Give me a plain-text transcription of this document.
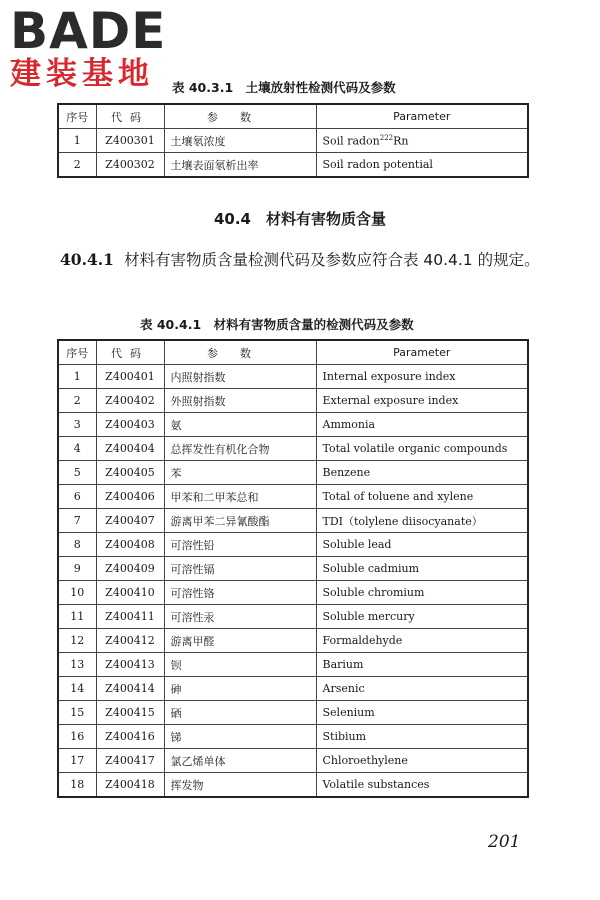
BADE
建装基地	表 40.3.1　土壤放射性检测代码及参数
序号	代码	参数	Parameter
1	Z400301	土壤氡浓度	Soil radon$^{222}$Rn
2	Z400302	土壤表面氡析出率	Soil radon potential
40.4　材料有害物质含量
40.4.1 材料有害物质含量检测代码及参数应符合表 40.4.1 的规定。
表 40.4.1　材料有害物质含量的检测代码及参数
序号	代码	参数	Parameter
1	Z400401	内照射指数	Internal exposure index
2	Z400402	外照射指数	External exposure index
3	Z400403	氨	Ammonia
4	Z400404	总挥发性有机化合物	Total volatile organic compounds
5	Z400405	苯	Benzene
6	Z400406	甲苯和二甲苯总和	Total of toluene and xylene
7	Z400407	游离甲苯二异氰酸酯	TDI（tolylene diisocyanate）
8	Z400408	可溶性铅	Soluble lead
9	Z400409	可溶性镉	Soluble cadmium
10	Z400410	可溶性铬	Soluble chromium
11	Z400411	可溶性汞	Soluble mercury
12	Z400412	游离甲醛	Formaldehyde
13	Z400413	钡	Barium
14	Z400414	砷	Arsenic
15	Z400415	硒	Selenium
16	Z400416	锑	Stibium
17	Z400417	氯乙烯单体	Chloroethylene
18	Z400418	挥发物	Volatile substances
201
